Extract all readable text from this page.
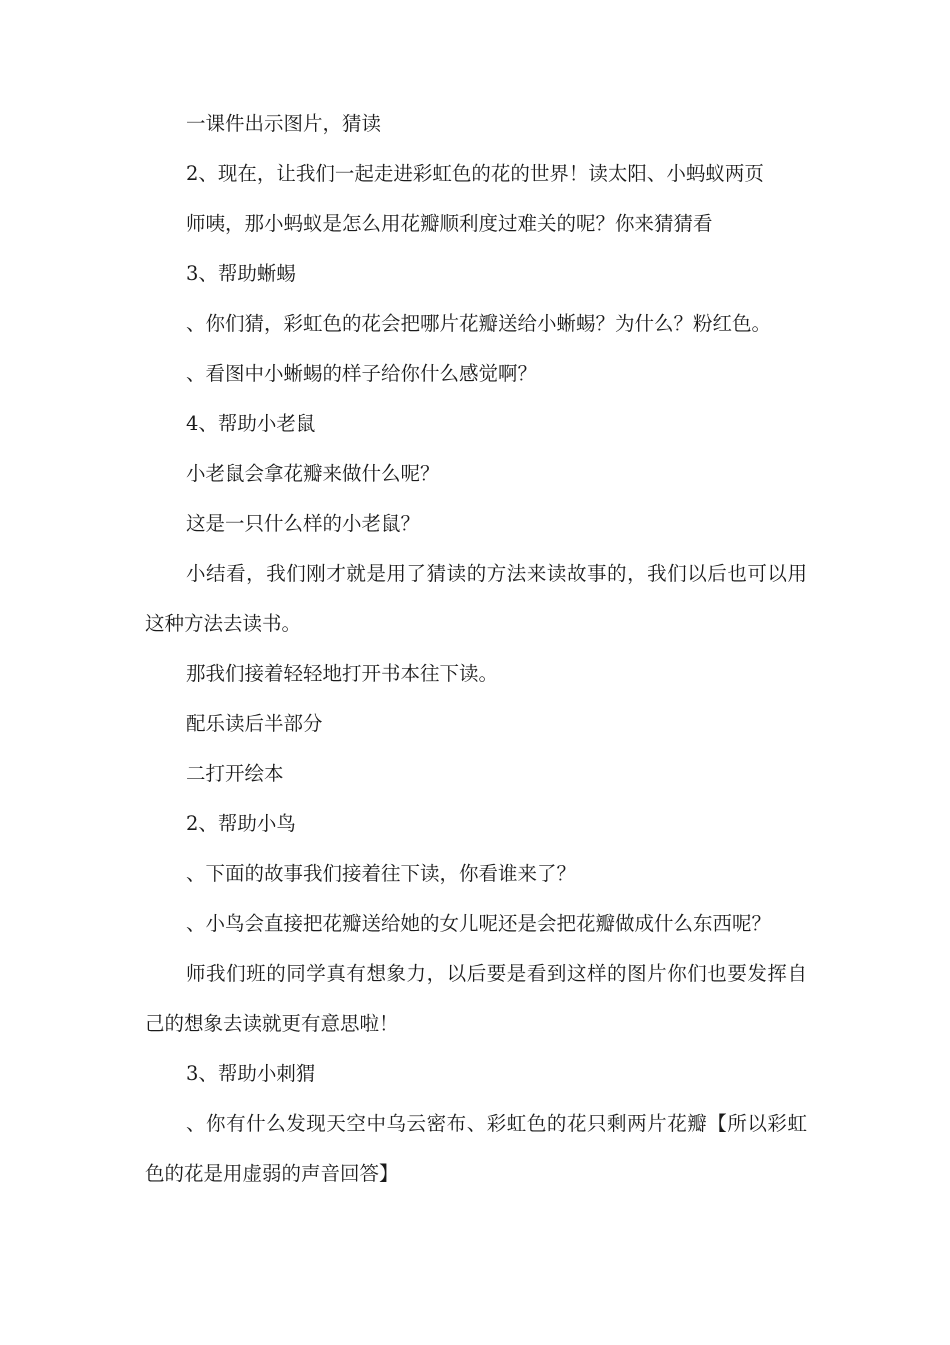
一课件出示图片，猜读

2、现在，让我们一起走进彩虹色的花的世界！读太阳、小蚂蚁两页

师咦，那小蚂蚁是怎么用花瓣顺利度过难关的呢？你来猜猜看

3、帮助蜥蜴

、你们猜，彩虹色的花会把哪片花瓣送给小蜥蜴？为什么？粉红色。

、看图中小蜥蜴的样子给你什么感觉啊？

4、帮助小老鼠

小老鼠会拿花瓣来做什么呢？

这是一只什么样的小老鼠？

小结看，我们刚才就是用了猜读的方法来读故事的，我们以后也可以用这种方法去读书。

那我们接着轻轻地打开书本往下读。

配乐读后半部分

二打开绘本

2、帮助小鸟

、下面的故事我们接着往下读，你看谁来了？

、小鸟会直接把花瓣送给她的女儿呢还是会把花瓣做成什么东西呢？

师我们班的同学真有想象力，以后要是看到这样的图片你们也要发挥自己的想象去读就更有意思啦！

3、帮助小刺猬

、你有什么发现天空中乌云密布、彩虹色的花只剩两片花瓣【所以彩虹色的花是用虚弱的声音回答】
